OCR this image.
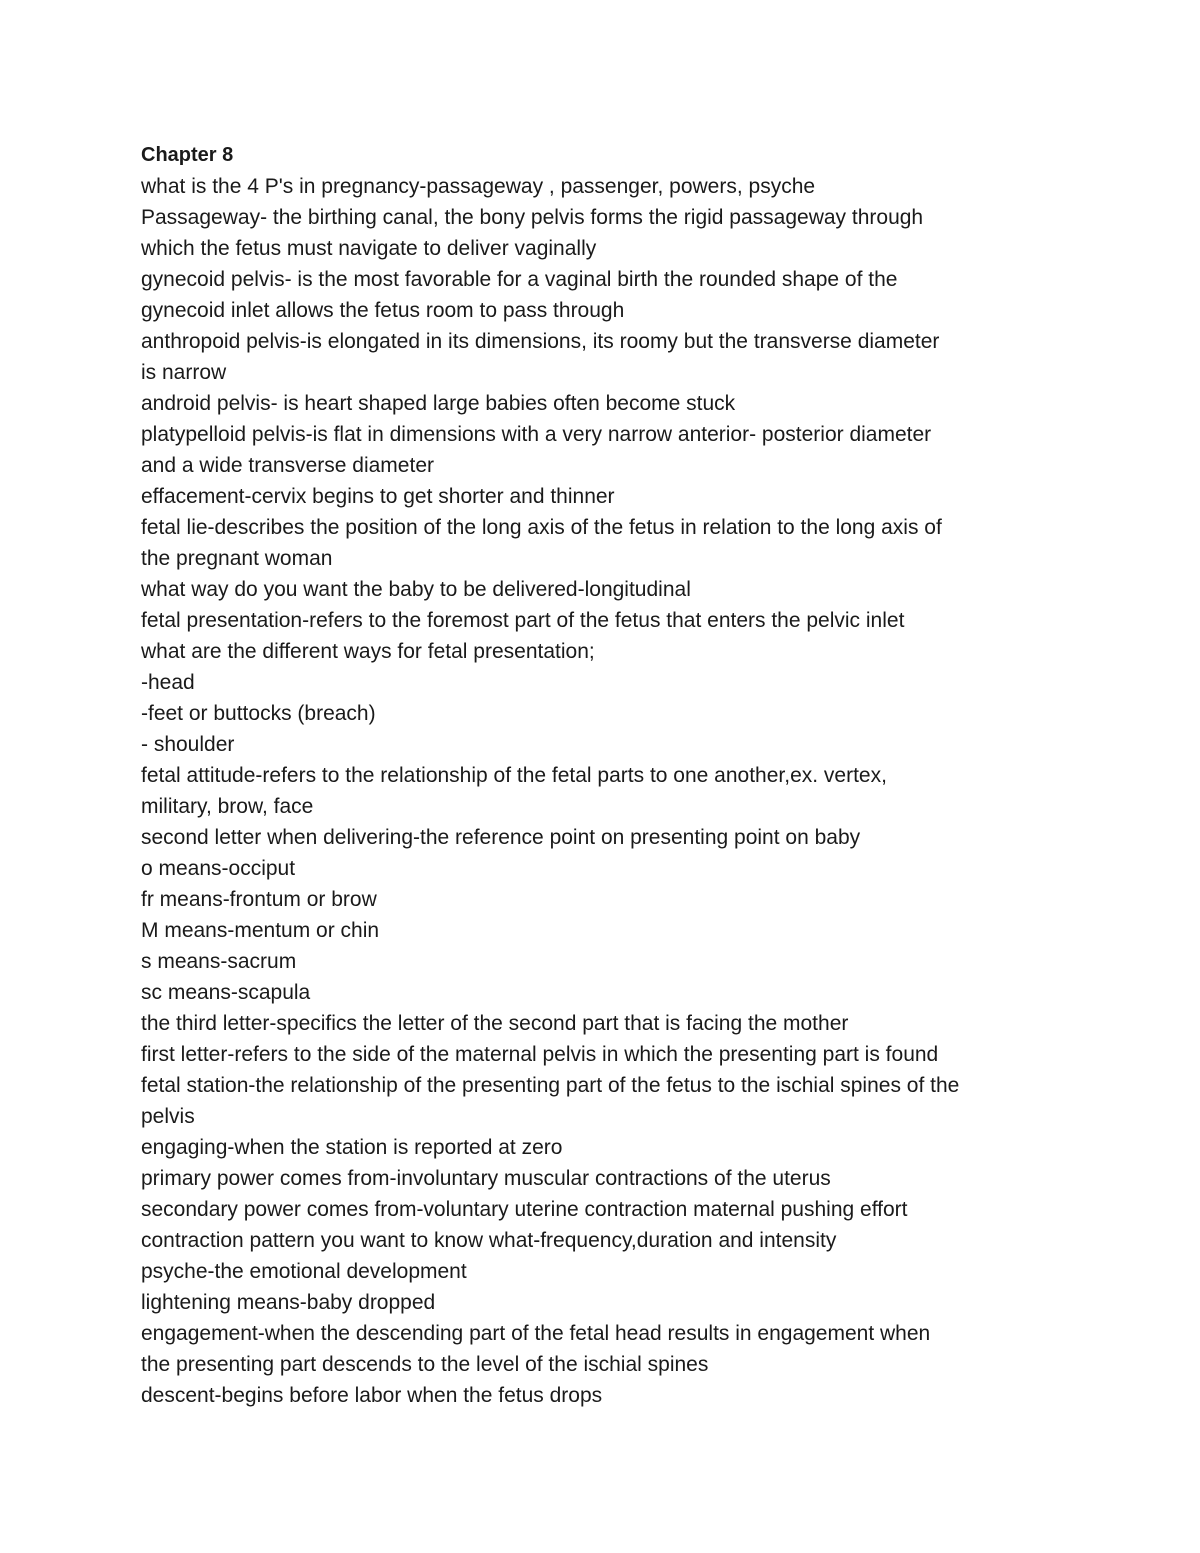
Chapter 8

what is the 4 P's in pregnancy-passageway , passenger, powers, psyche

Passageway- the birthing canal, the bony pelvis forms the rigid passageway through

which the fetus must navigate to deliver vaginally

gynecoid pelvis- is the most favorable for a vaginal birth the rounded shape of the

gynecoid inlet allows the fetus room to pass through

anthropoid pelvis-is elongated in its dimensions, its roomy but the transverse diameter

is narrow

android pelvis- is heart shaped large babies often become stuck

platypelloid pelvis-is flat in dimensions with a very narrow anterior- posterior diameter

and a wide transverse diameter

effacement-cervix begins to get shorter and thinner

fetal lie-describes the position of the long axis of the fetus in relation to the long axis of

the pregnant woman

what way do you want the baby to be delivered-longitudinal

fetal presentation-refers to the foremost part of the fetus that enters the pelvic inlet

what are the different ways for fetal presentation;

-head

-feet or buttocks (breach)

- shoulder

fetal attitude-refers to the relationship of the fetal parts to one another,ex. vertex,

military, brow, face

second letter when delivering-the reference point on presenting point on baby

o means-occiput

fr means-frontum or brow

M means-mentum or chin

s means-sacrum

sc means-scapula

the third letter-specifics the letter of the second part that is facing the mother

first letter-refers to the side of the maternal pelvis in which the presenting part is found

fetal station-the relationship of the presenting part of the fetus to the ischial spines of the

pelvis

engaging-when the station is reported at zero

primary power comes from-involuntary muscular contractions of the uterus

secondary power comes from-voluntary uterine contraction maternal pushing effort

contraction pattern you want to know what-frequency,duration and intensity

psyche-the emotional development

lightening means-baby dropped

engagement-when the descending part of the fetal head results in engagement when

the presenting part descends to the level of the ischial spines

descent-begins before labor when the fetus drops
